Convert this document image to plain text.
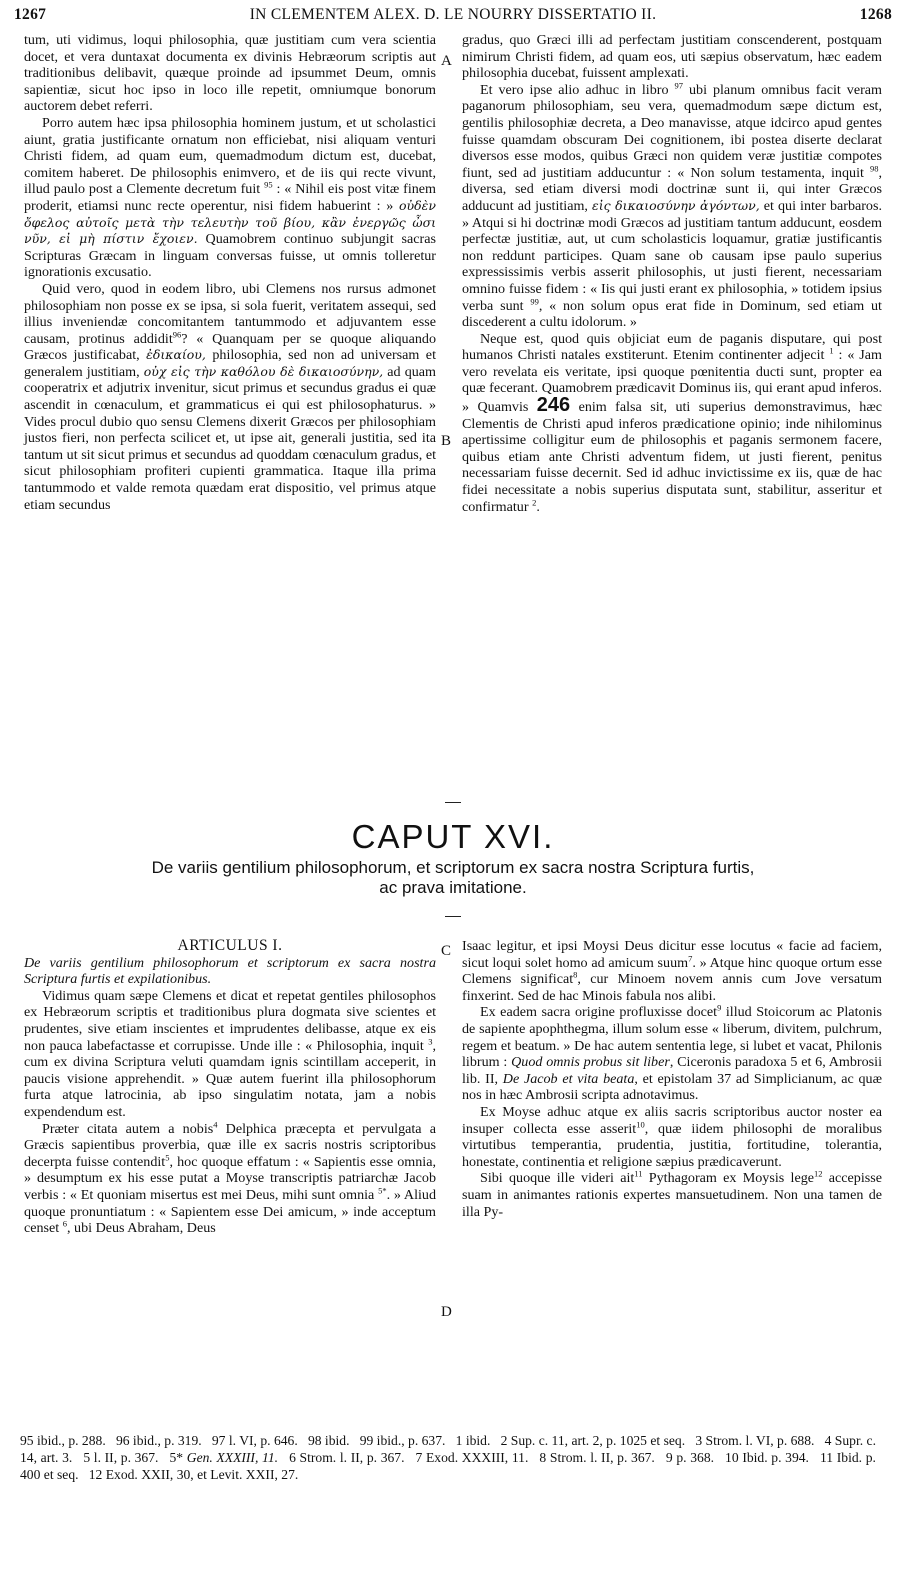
1267	IN CLEMENTEM ALEX. D. LE NOURRY DISSERTATIO II.	1268

tum, uti vidimus, loqui philosophia, quæ justitiam cum vera scientia docet, et vera duntaxat documenta ex divinis Hebræorum scriptis aut traditionibus delibavit, quæque proinde ad ipsummet Deum, omnis sapientiæ, sicut hoc ipso in loco ille repetit, omniumque bonorum auctorem debet referri.

Porro autem hæc ipsa philosophia hominem justum, et ut scholastici aiunt, gratia justificante ornatum non efficiebat, nisi aliquam venturi Christi fidem, ad quam eum, quemadmodum dictum est, ducebat, comitem haberet. De philosophis enimvero, et de iis qui recte vivunt, illud paulo post a Clemente decretum fuit $^{95}$ : « Nihil eis post vitæ finem proderit, etiamsi nunc recte operentur, nisi fidem habuerint : » οὐδὲν ὄφελος αὐτοῖς μετὰ τὴν τελευτὴν τοῦ βίου, κἂν ἐνεργῶς ὦσι νῦν, εἰ μὴ πίστιν ἔχοιεν. Quamobrem continuo subjungit sacras Scripturas Græcam in linguam conversas fuisse, ut omnis tolleretur ignorationis excusatio.

Quid vero, quod in eodem libro, ubi Clemens nos rursus admonet philosophiam non posse ex se ipsa, si sola fuerit, veritatem assequi, sed illius inveniendæ concomitantem tantummodo et adjuvantem esse causam, protinus addidit$^{96}$? « Quanquam per se quoque aliquando Græcos justificabat, ἐδικαίου, philosophia, sed non ad universam et generalem justitiam, οὐχ εἰς τὴν καθόλου δὲ δικαιοσύνην, ad quam cooperatrix et adjutrix invenitur, sicut primus et secundus gradus ei quæ ascendit in cœnaculum, et grammaticus ei qui est philosophaturus. » Vides procul dubio quo sensu Clemens dixerit Græcos per philosophiam justos fieri, non perfecta scilicet et, ut ipse ait, generali justitia, sed ita tantum ut sit sicut primus et secundus ad quoddam cœnaculum gradus, et sicut philosophiam profiteri cupienti grammatica. Itaque illa prima tantummodo et valde remota quædam erat dispositio, vel primus atque etiam secundus

gradus, quo Græci illi ad perfectam justitiam conscenderent, postquam nimirum Christi fidem, ad quam eos, uti sæpius observatum, hæc eadem philosophia ducebat, fuissent amplexati.

Et vero ipse alio adhuc in libro $^{97}$ ubi planum omnibus facit veram paganorum philosophiam, seu vera, quemadmodum sæpe dictum est, gentilis philosophiæ decreta, a Deo manavisse, atque idcirco apud gentes fuisse quamdam obscuram Dei cognitionem, ibi postea diserte declarat diversos esse modos, quibus Græci non quidem veræ justitiæ compotes fiunt, sed ad justitiam adducuntur : « Non solum testamenta, inquit $^{98}$, diversa, sed etiam diversi modi doctrinæ sunt ii, qui inter Græcos adducunt ad justitiam, εἰς δικαιοσύνην ἀγόντων, et qui inter barbaros. » Atqui si hi doctrinæ modi Græcos ad justitiam tantum adducunt, eosdem perfectæ justitiæ, aut, ut cum scholasticis loquamur, gratiæ justificantis non reddunt participes. Quam sane ob causam ipse paulo superius expressissimis verbis asserit philosophis, ut justi fierent, necessariam omnino fuisse fidem : « Iis qui justi erant ex philosophia, » totidem ipsius verba sunt $^{99}$, « non solum opus erat fide in Dominum, sed etiam ut discederent a cultu idolorum. »

Neque est, quod quis objiciat eum de paganis disputare, qui post humanos Christi natales exstiterunt. Etenim continenter adjecit $^1$ : « Jam vero revelata eis veritate, ipsi quoque pœnitentia ducti sunt, propter ea quæ fecerant. Quamobrem prædicavit Dominus iis, qui erant apud inferos. » Quamvis 246 enim falsa sit, uti superius demonstravimus, hæc Clementis de Christi apud inferos prædicatione opinio; inde nihilominus apertissime colligitur eum de philosophis et paganis sermonem facere, quibus etiam ante Christi adventum fidem, ut justi fierent, penitus necessariam fuisse decernit. Sed id adhuc invictissime ex iis, quæ de hac fidei necessitate a nobis superius disputata sunt, stabilitur, asseritur et confirmatur $^2$.

A
B
CAPUT XVI.
De variis gentilium philosophorum, et scriptorum ex sacra nostra Scriptura furtis,
ac prava imitatione.

ARTICULUS I.

De variis gentilium philosophorum et scriptorum ex sacra nostra Scriptura furtis et expilationibus.

Vidimus quam sæpe Clemens et dicat et repetat gentiles philosophos ex Hebræorum scriptis et traditionibus plura dogmata sive scientes et prudentes, sive etiam inscientes et imprudentes delibasse, atque ex eis non pauca labefactasse et corrupisse. Unde ille : « Philosophia, inquit $^3$, cum ex divina Scriptura veluti quamdam ignis scintillam acceperit, in paucis visione apprehendit. » Quæ autem fuerint illa philosophorum furta atque latrocinia, ab ipso singulatim notata, jam a nobis expendendum est.

Præter citata autem a nobis$^4$ Delphica præcepta et pervulgata a Græcis sapientibus proverbia, quæ ille ex sacris nostris scriptoribus decerpta fuisse contendit$^5$, hoc quoque effatum : « Sapientis esse omnia, » desumptum ex his esse putat a Moyse transcriptis patriarchæ Jacob verbis : « Et quoniam misertus est mei Deus, mihi sunt omnia $^{5*}$. » Aliud quoque pronuntiatum : « Sapientem esse Dei amicum, » inde acceptum censet $^6$, ubi Deus Abraham, Deus

Isaac legitur, et ipsi Moysi Deus dicitur esse locutus « facie ad faciem, sicut loqui solet homo ad amicum suum$^7$. » Atque hinc quoque ortum esse Clemens significat$^8$, cur Minoem novem annis cum Jove versatum finxerint. Sed de hac Minois fabula nos alibi.

Ex eadem sacra origine profluxisse docet$^9$ illud Stoicorum ac Platonis de sapiente apophthegma, illum solum esse « liberum, divitem, pulchrum, regem et beatum. » De hac autem sententia lege, si lubet et vacat, Philonis librum : Quod omnis probus sit liber, Ciceronis paradoxa 5 et 6, Ambrosii lib. II, De Jacob et vita beata, et epistolam 37 ad Simplicianum, ac quæ nos in hæc Ambrosii scripta adnotavimus.

Ex Moyse adhuc atque ex aliis sacris scriptoribus auctor noster ea insuper collecta esse asserit$^{10}$, quæ iidem philosophi de moralibus virtutibus temperantia, prudentia, justitia, fortitudine, tolerantia, honestate, continentia et religione sæpius prædicaverunt.

Sibi quoque ille videri ait$^{11}$ Pythagoram ex Moysis lege$^{12}$ accepisse suam in animantes rationis expertes mansuetudinem. Non una tamen de illa Py-

C
D
95 ibid., p. 288. 96 ibid., p. 319. 97 l. VI, p. 646. 98 ibid. 99 ibid., p. 637. 1 ibid. 2 Sup. c. 11, art. 2, p. 1025 et seq. 3 Strom. l. VI, p. 688. 4 Supr. c. 14, art. 3. 5 l. II, p. 367. 5* Gen. XXXIII, 11. 6 Strom. l. II, p. 367. 7 Exod. XXXIII, 11. 8 Strom. l. II, p. 367. 9 p. 368. 10 Ibid. p. 394. 11 Ibid. p. 400 et seq. 12 Exod. XXII, 30, et Levit. XXII, 27.
